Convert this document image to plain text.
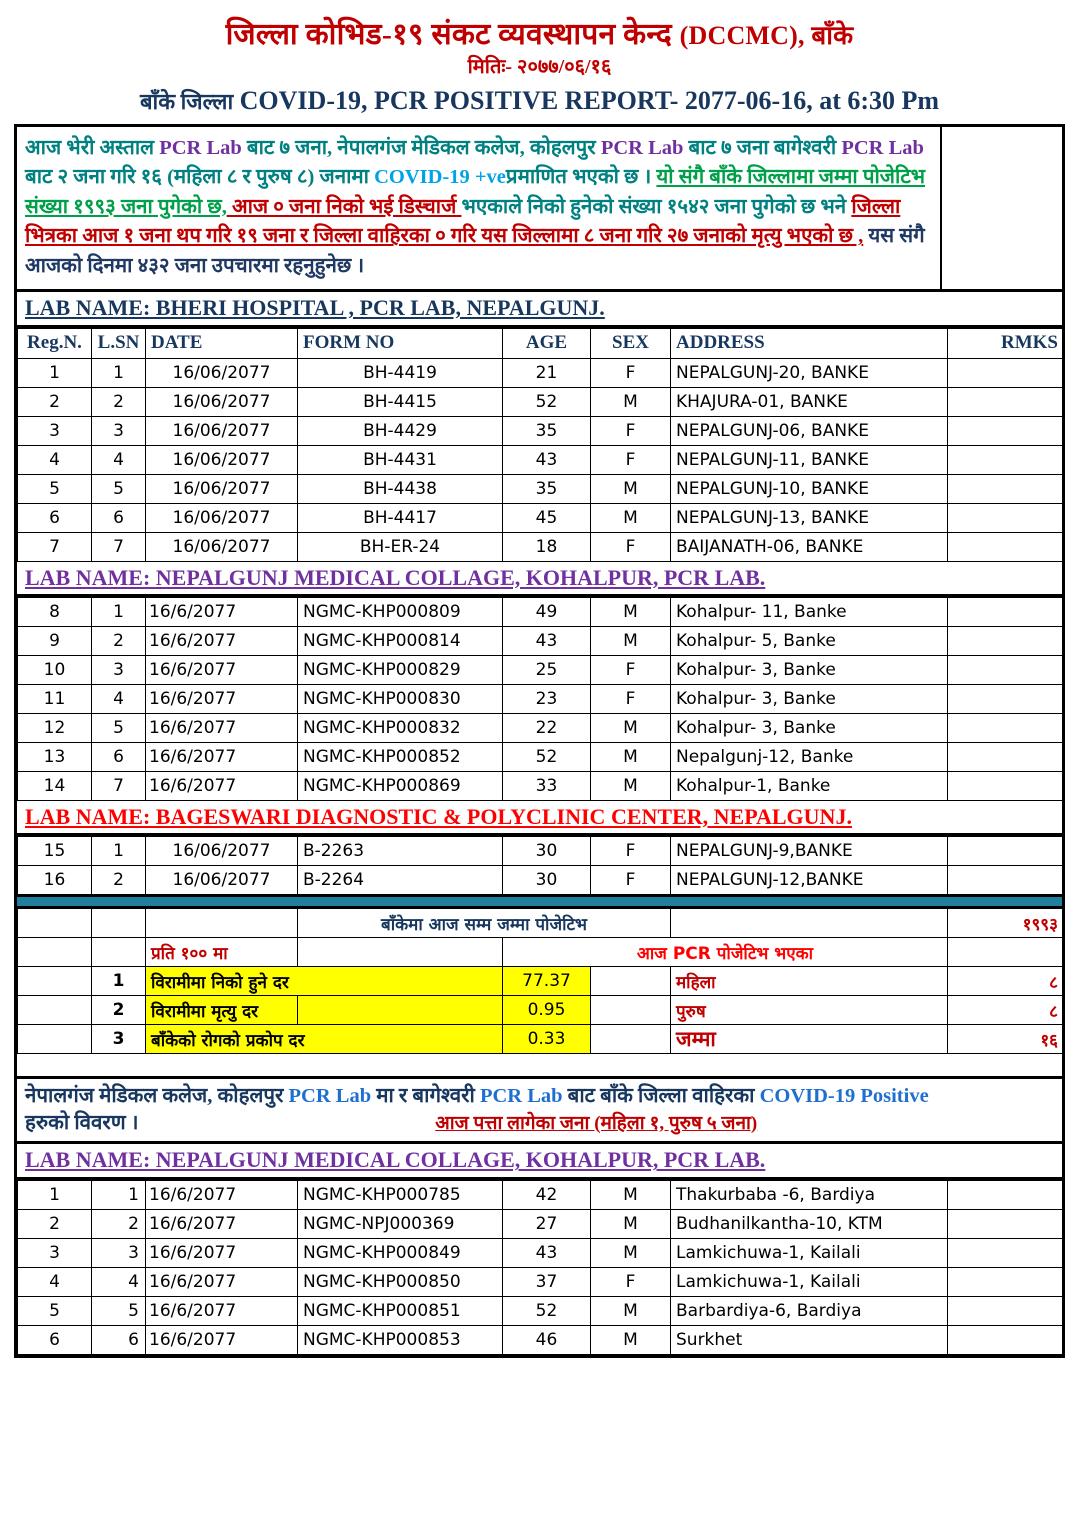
जिल्ला कोभिड-१९ संकट व्यवस्थापन केन्द (DCCMC), बाँके
मितिः- २०७७/०६/१६
बाँके जिल्ला COVID-19, PCR POSITIVE REPORT- 2077-06-16, at 6:30 Pm

आज भेरी अस्ताल PCR Lab बाट ७ जना, नेपालगंज मेडिकल कलेज, कोहलपुर PCR Lab बाट ७ जना बागेश्वरी PCR Lab बाट २ जना गरि १६ (महिला ८ र पुरुष ८) जनामा COVID-19 +veप्रमाणित भएको छ । यो संगै बाँके जिल्लामा जम्मा पोजेटिभ संख्या १९९३ जना पुगेको छ, आज ० जना निको भई डिस्चार्ज भएकाले निको हुनेको संख्या १५४२ जना पुगेको छ भने जिल्ला भित्रका आज १ जना थप गरि १९ जना र जिल्ला वाहिरका ० गरि यस जिल्लामा ८ जना गरि २७ जनाको मृत्यु भएको छ , यस संगै आजको दिनमा ४३२ जना उपचारमा रहनुहुनेछ ।

LAB NAME: BHERI HOSPITAL , PCR LAB, NEPALGUNJ.
Reg.N.	L.SN	DATE	FORM NO	AGE	SEX	ADDRESS	RMKS
1	1	16/06/2077	BH-4419	21	F	NEPALGUNJ-20, BANKE	
2	2	16/06/2077	BH-4415	52	M	KHAJURA-01, BANKE	
3	3	16/06/2077	BH-4429	35	F	NEPALGUNJ-06, BANKE	
4	4	16/06/2077	BH-4431	43	F	NEPALGUNJ-11, BANKE	
5	5	16/06/2077	BH-4438	35	M	NEPALGUNJ-10, BANKE	
6	6	16/06/2077	BH-4417	45	M	NEPALGUNJ-13, BANKE	
7	7	16/06/2077	BH-ER-24	18	F	BAIJANATH-06, BANKE	
LAB NAME: NEPALGUNJ MEDICAL COLLAGE, KOHALPUR, PCR LAB.
8	1	16/6/2077	NGMC-KHP000809	49	M	Kohalpur- 11, Banke	
9	2	16/6/2077	NGMC-KHP000814	43	M	Kohalpur- 5, Banke	
10	3	16/6/2077	NGMC-KHP000829	25	F	Kohalpur- 3, Banke	
11	4	16/6/2077	NGMC-KHP000830	23	F	Kohalpur- 3, Banke	
12	5	16/6/2077	NGMC-KHP000832	22	M	Kohalpur- 3, Banke	
13	6	16/6/2077	NGMC-KHP000852	52	M	Nepalgunj-12, Banke	
14	7	16/6/2077	NGMC-KHP000869	33	M	Kohalpur-1, Banke	
LAB NAME: BAGESWARI DIAGNOSTIC & POLYCLINIC CENTER, NEPALGUNJ.
15	1	16/06/2077	B-2263	30	F	NEPALGUNJ-9,BANKE	
16	2	16/06/2077	B-2264	30	F	NEPALGUNJ-12,BANKE	
			बाँकेमा आज सम्म जम्मा पोजेटिभ				१९९३
		प्रति १०० मा		आज PCR पोजेटिभ भएका			
	1	विरामीमा निको हुने दर		77.37		महिला	८
	2	विरामीमा मृत्यु दर		0.95		पुरुष	८
	3	बाँकेको रोगको प्रकोप दर		0.33		जम्मा	१६
नेपालगंज मेडिकल कलेज, कोहलपुर PCR Lab मा र बागेश्वरी PCR Lab बाट बाँके जिल्ला वाहिरका COVID-19 Positive
हरुको विवरण ।	आज पत्ता लागेका जना (महिला १, पुरुष ५ जना)
LAB NAME: NEPALGUNJ MEDICAL COLLAGE, KOHALPUR, PCR LAB.
1	1	16/6/2077	NGMC-KHP000785	42	M	Thakurbaba -6, Bardiya	
2	2	16/6/2077	NGMC-NPJ000369	27	M	Budhanilkantha-10, KTM	
3	3	16/6/2077	NGMC-KHP000849	43	M	Lamkichuwa-1, Kailali	
4	4	16/6/2077	NGMC-KHP000850	37	F	Lamkichuwa-1, Kailali	
5	5	16/6/2077	NGMC-KHP000851	52	M	Barbardiya-6, Bardiya	
6	6	16/6/2077	NGMC-KHP000853	46	M	Surkhet	
